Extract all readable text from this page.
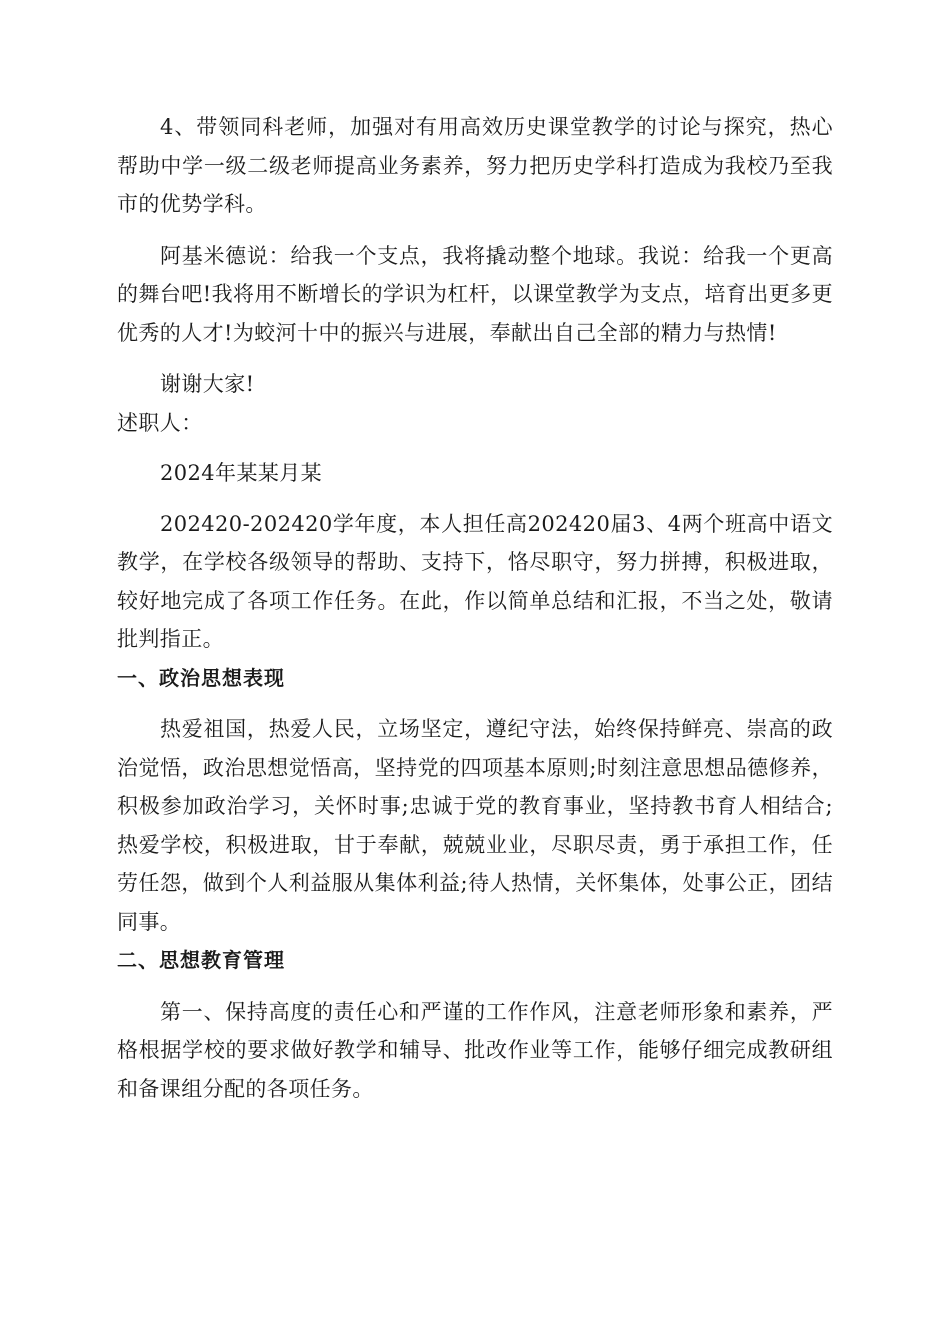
4、带领同科老师，加强对有用高效历史课堂教学的讨论与探究，热心帮助中学一级二级老师提高业务素养，努力把历史学科打造成为我校乃至我市的优势学科。

阿基米德说：给我一个支点，我将撬动整个地球。我说：给我一个更高的舞台吧!我将用不断增长的学识为杠杆，以课堂教学为支点，培育出更多更优秀的人才!为蛟河十中的振兴与进展，奉献出自己全部的精力与热情!

谢谢大家!

述职人：

2024年某某月某

202420-202420学年度，本人担任高202420届3、4两个班高中语文教学，在学校各级领导的帮助、支持下，恪尽职守，努力拼搏，积极进取，较好地完成了各项工作任务。在此，作以简单总结和汇报，不当之处，敬请批判指正。

一、政治思想表现

热爱祖国，热爱人民，立场坚定，遵纪守法，始终保持鲜亮、崇高的政治觉悟，政治思想觉悟高，坚持党的四项基本原则;时刻注意思想品德修养，积极参加政治学习，关怀时事;忠诚于党的教育事业，坚持教书育人相结合;热爱学校，积极进取，甘于奉献，兢兢业业，尽职尽责，勇于承担工作，任劳任怨，做到个人利益服从集体利益;待人热情，关怀集体，处事公正，团结同事。

二、思想教育管理

第一、保持高度的责任心和严谨的工作作风，注意老师形象和素养，严格根据学校的要求做好教学和辅导、批改作业等工作，能够仔细完成教研组和备课组分配的各项任务。
